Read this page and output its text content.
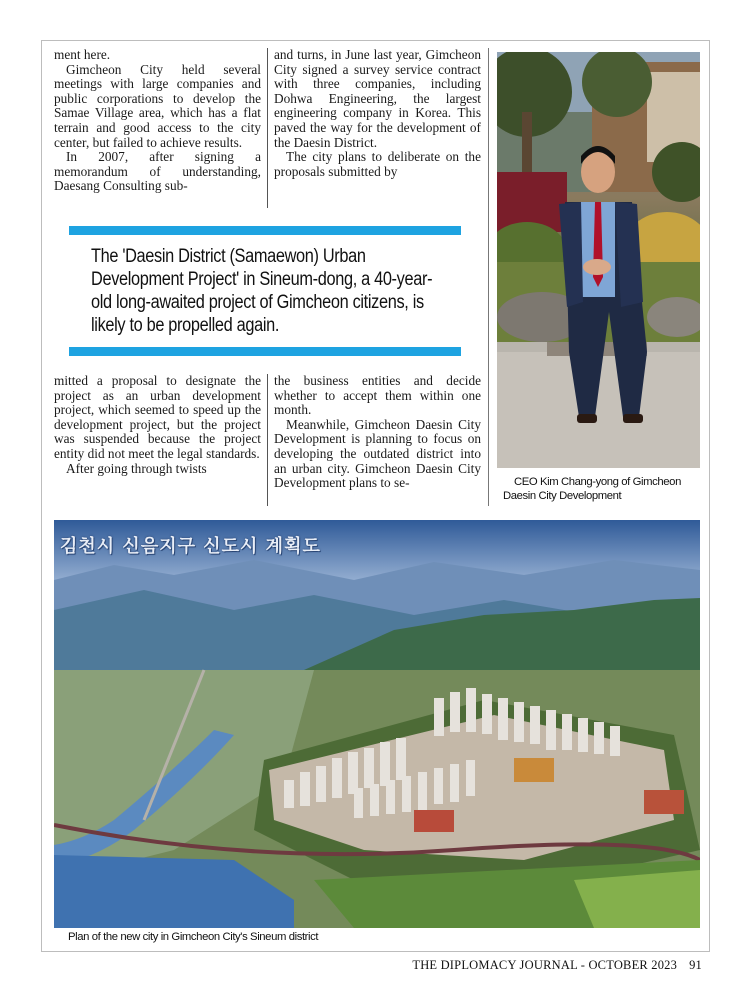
ment here.

Gimcheon City held several meetings with large companies and public corporations to develop the Samae Village area, which has a flat terrain and good access to the city center, but failed to achieve results.

In 2007, after signing a memorandum of understanding, Daesang Consulting sub-

and turns, in June last year, Gimcheon City signed a survey service contract with three companies, including Dohwa Engineering, the largest engineering company in Korea. This paved the way for the development of the Daesin District.

The city plans to deliberate on the proposals submitted by

The 'Daesin District (Samaewon) Urban Development Project' in Sineum-dong, a 40-year-old long-awaited project of Gimcheon citizens, is likely to be propelled again.

mitted a proposal to designate the project as an urban development project, which seemed to speed up the development project, but the project was suspended because the project entity did not meet the legal standards.

After going through twists

the business entities and decide whether to accept them within one month.

Meanwhile, Gimcheon Daesin City Development is planning to focus on developing the outdated district into an urban city. Gimcheon Daesin City Development plans to se-	CEO Kim Chang-yong of Gimcheon
Daesin City Development
김천시 신음지구 신도시 계획도
Plan of the new city in Gimcheon City's Sineum district
THE DIPLOMACY JOURNAL - OCTOBER 2023 91
